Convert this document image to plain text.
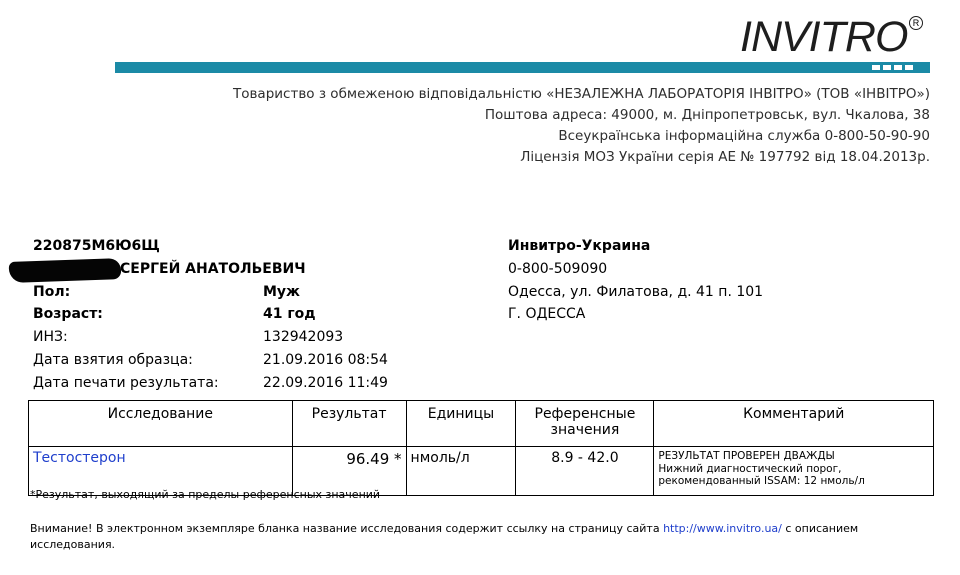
INVITRO R
Товариство з обмеженою відповідальністю «НЕЗАЛЕЖНА ЛАБОРАТОРІЯ ІНВІТРО» (ТОВ «ІНВІТРО»)
Поштова адреса: 49000, м. Дніпропетровськ, вул. Чкалова, 38
Всеукраїнська інформаційна служба 0-800-50-90-90
Ліцензія МОЗ України серія АЕ № 197792 від 18.04.2013р.
220875М6Ю6Щ
СЕРГЕЙ АНАТОЛЬЕВИЧ
Пол:	Муж
Возраст:	41 год
ИНЗ:	132942093
Дата взятия образца:	21.09.2016 08:54
Дата печати результата:	22.09.2016 11:49
Инвитро-Украина
0-800-509090
Одесса, ул. Филатова, д. 41 п. 101
Г. ОДЕССА
Исследование	Результат	Единицы	Референсные значения	Комментарий
Тестостерон	96.49 *	нмоль/л	8.9 - 42.0	РЕЗУЛЬТАТ ПРОВЕРЕН ДВАЖДЫ
Нижний диагностический порог,
рекомендованный ISSAM: 12 нмоль/л
*Результат, выходящий за пределы референсных значений
Внимание! В электронном экземпляре бланка название исследования содержит ссылку на страницу сайта http://www.invitro.ua/ с описанием исследования.
